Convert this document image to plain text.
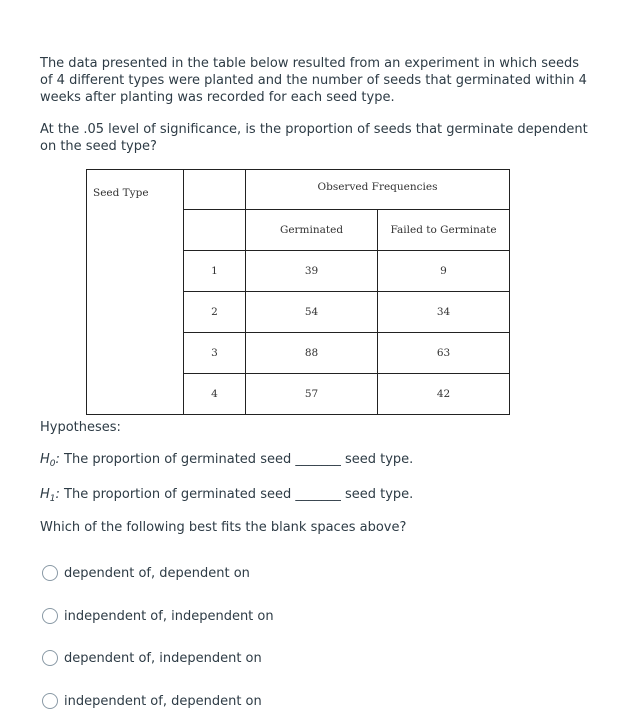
The data presented in the table below resulted from an experiment in which seeds of 4 different types were planted and the number of seeds that germinated within 4 weeks after planting was recorded for each seed type.

At the .05 level of significance, is the proportion of seeds that germinate dependent on the seed type?

Seed Type		Observed Frequencies	
		Germinated	Failed to Germinate
	1	39	9
	2	54	34
	3	88	63
	4	57	42

Hypotheses:

$H_0$: The proportion of germinated seed _______ seed type.

$H_1$: The proportion of germinated seed _______ seed type.

Which of the following best fits the blank spaces above?

dependent of, dependent on
independent of, independent on
dependent of, independent on
independent of, dependent on
